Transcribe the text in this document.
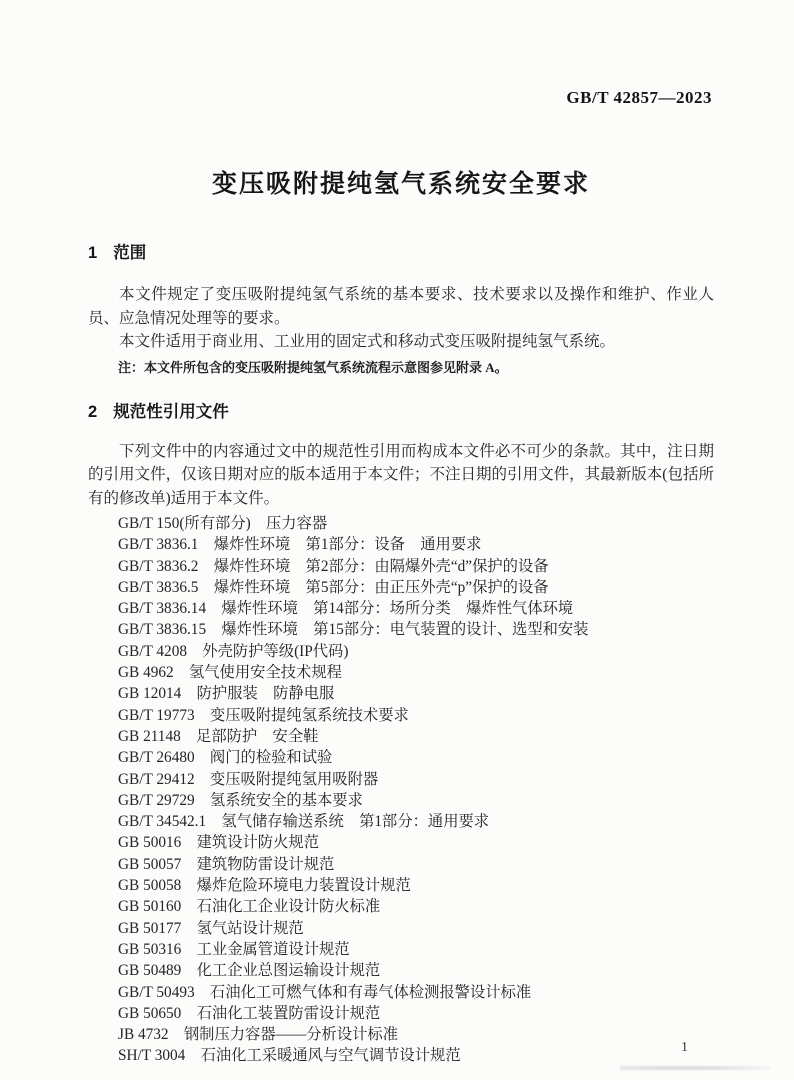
GB/T 42857—2023
变压吸附提纯氢气系统安全要求
1 范围

本文件规定了变压吸附提纯氢气系统的基本要求、技术要求以及操作和维护、作业人员、应急情况处理等的要求。

本文件适用于商业用、工业用的固定式和移动式变压吸附提纯氢气系统。

注：本文件所包含的变压吸附提纯氢气系统流程示意图参见附录 A。

2 规范性引用文件

下列文件中的内容通过文中的规范性引用而构成本文件必不可少的条款。其中，注日期的引用文件，仅该日期对应的版本适用于本文件；不注日期的引用文件，其最新版本(包括所有的修改单)适用于本文件。

GB/T 150(所有部分)　压力容器
GB/T 3836.1　爆炸性环境　第1部分：设备　通用要求
GB/T 3836.2　爆炸性环境　第2部分：由隔爆外壳“d”保护的设备
GB/T 3836.5　爆炸性环境　第5部分：由正压外壳“p”保护的设备
GB/T 3836.14　爆炸性环境　第14部分：场所分类　爆炸性气体环境
GB/T 3836.15　爆炸性环境　第15部分：电气装置的设计、选型和安装
GB/T 4208　外壳防护等级(IP代码)
GB 4962　氢气使用安全技术规程
GB 12014　防护服装　防静电服
GB/T 19773　变压吸附提纯氢系统技术要求
GB 21148　足部防护　安全鞋
GB/T 26480　阀门的检验和试验
GB/T 29412　变压吸附提纯氢用吸附器
GB/T 29729　氢系统安全的基本要求
GB/T 34542.1　氢气储存输送系统　第1部分：通用要求
GB 50016　建筑设计防火规范
GB 50057　建筑物防雷设计规范
GB 50058　爆炸危险环境电力装置设计规范
GB 50160　石油化工企业设计防火标准
GB 50177　氢气站设计规范
GB 50316　工业金属管道设计规范
GB 50489　化工企业总图运输设计规范
GB/T 50493　石油化工可燃气体和有毒气体检测报警设计标准
GB 50650　石油化工装置防雷设计规范
JB 4732　钢制压力容器——分析设计标准
SH/T 3004　石油化工采暖通风与空气调节设计规范	1
